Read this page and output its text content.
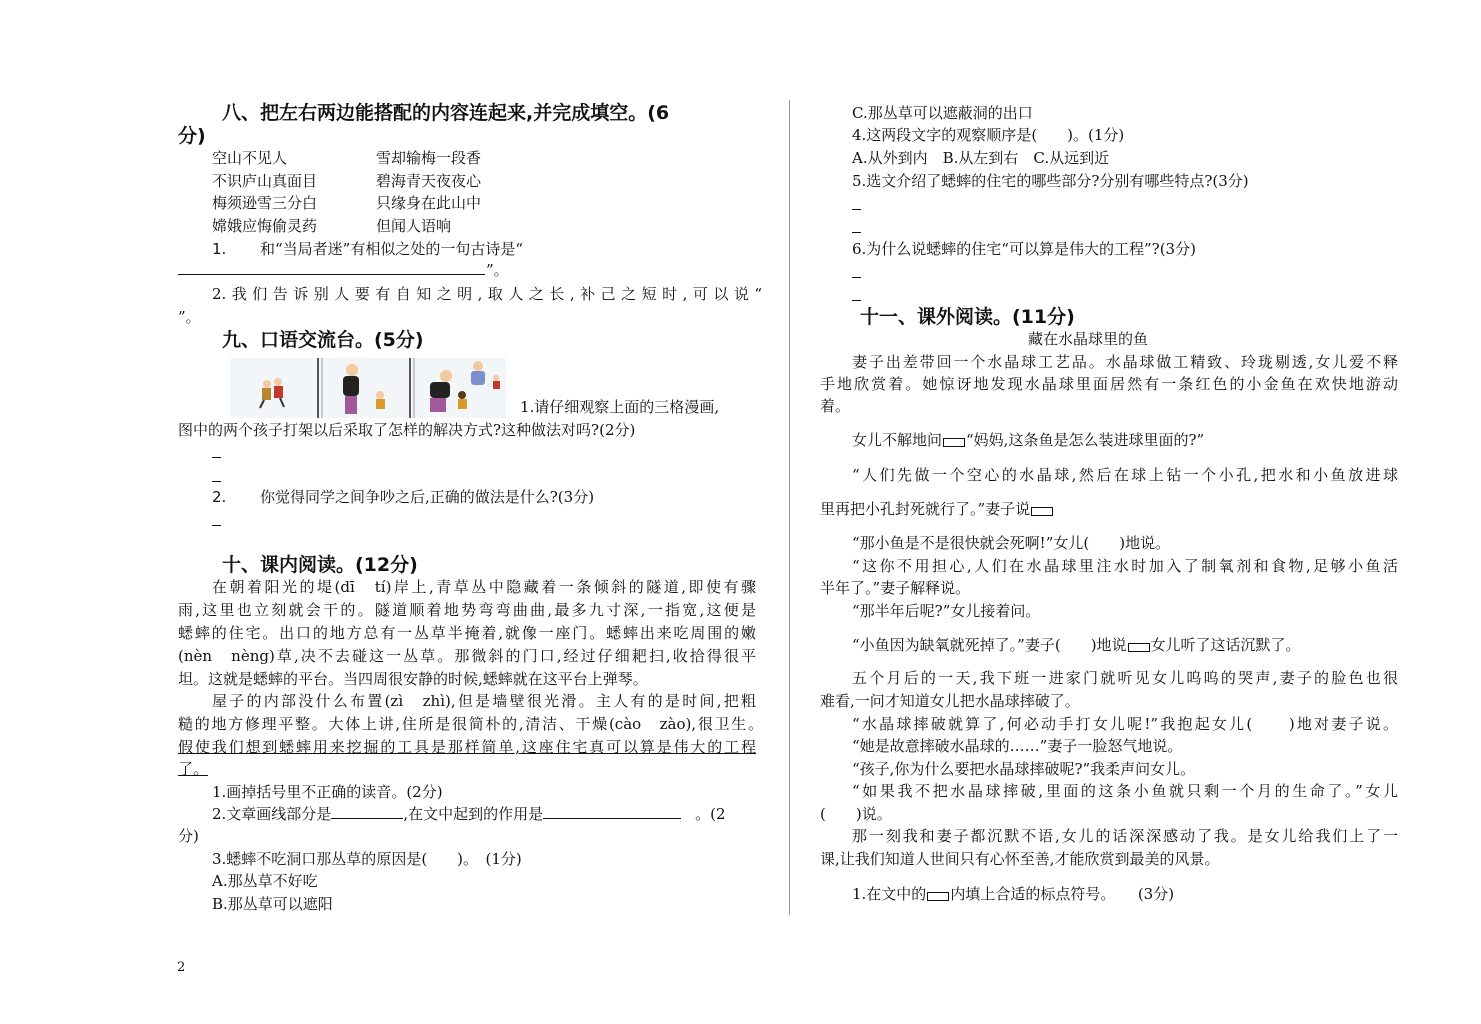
八、把左右两边能搭配的内容连起来,并完成填空。(6
分)
空山不见人
不识庐山真面目
梅须逊雪三分白
嫦娥应悔偷灵药
雪却输梅一段香
碧海青天夜夜心
只缘身在此山中
但闻人语响
1. 和“当局者迷”有相似之处的一句古诗是“
”。
2.我们告诉别人要有自知之明,取人之长,补己之短时,可以说“
”。
九、口语交流台。(5分)
1.请仔细观察上面的三格漫画,
图中的两个孩子打架以后采取了怎样的解决方式?这种做法对吗?(2分)
2. 你觉得同学之间争吵之后,正确的做法是什么?(3分)
十、课内阅读。(12分)
在朝着阳光的堤(dī　tí)岸上,青草丛中隐藏着一条倾斜的隧道,即使有骤
雨,这里也立刻就会干的。隧道顺着地势弯弯曲曲,最多九寸深,一指宽,这便是
蟋蟀的住宅。出口的地方总有一丛草半掩着,就像一座门。蟋蟀出来吃周围的嫩
(nèn　nèng)草,决不去碰这一丛草。那微斜的门口,经过仔细耙扫,收拾得很平
坦。这就是蟋蟀的平台。当四周很安静的时候,蟋蟀就在这平台上弹琴。
屋子的内部没什么布置(zì　zhì),但是墙壁很光滑。主人有的是时间,把粗
糙的地方修理平整。大体上讲,住所是很简朴的,清洁、干燥(cào　zào),很卫生。
假使我们想到蟋蟀用来挖掘的工具是那样简单,这座住宅真可以算是伟大的工程
了。
1.画掉括号里不正确的读音。(2分)
2.文章画线部分是	,在文中起到的作用是	。(2
分)
3.蟋蟀不吃洞口那丛草的原因是(　　)。　(1分)
A.那丛草不好吃
B.那丛草可以遮阳
C.那丛草可以遮蔽洞的出口
4.这两段文字的观察顺序是(　　)。(1分)
A.从外到内　B.从左到右　C.从远到近
5.选文介绍了蟋蟀的住宅的哪些部分?分别有哪些特点?(3分)
6.为什么说蟋蟀的住宅“可以算是伟大的工程”?(3分)
十一、课外阅读。(11分)
藏在水晶球里的鱼
妻子出差带回一个水晶球工艺品。水晶球做工精致、玲珑剔透,女儿爱不释
手地欣赏着。她惊讶地发现水晶球里面居然有一条红色的小金鱼在欢快地游动
着。
女儿不解地问 “妈妈,这条鱼是怎么装进球里面的?”
“人们先做一个空心的水晶球,然后在球上钻一个小孔,把水和小鱼放进球
里再把小孔封死就行了。”妻子说
“那小鱼是不是很快就会死啊!”女儿(　　)地说。
“这你不用担心,人们在水晶球里注水时加入了制氧剂和食物,足够小鱼活
半年了。”妻子解释说。
“那半年后呢?”女儿接着问。
“小鱼因为缺氧就死掉了。”妻子(　　)地说 女儿听了这话沉默了。
五个月后的一天,我下班一进家门就听见女儿呜呜的哭声,妻子的脸色也很
难看,一问才知道女儿把水晶球摔破了。
“水晶球摔破就算了,何必动手打女儿呢!”我抱起女儿(　　)地对妻子说。
“她是故意摔破水晶球的……”妻子一脸怒气地说。
“孩子,你为什么要把水晶球摔破呢?”我柔声问女儿。
“如果我不把水晶球摔破,里面的这条小鱼就只剩一个月的生命了。”女儿
(　　)说。
那一刻我和妻子都沉默不语,女儿的话深深感动了我。是女儿给我们上了一
课,让我们知道人世间只有心怀至善,才能欣赏到最美的风景。
1.在文中的 内填上合适的标点符号。　　(3分)
2
